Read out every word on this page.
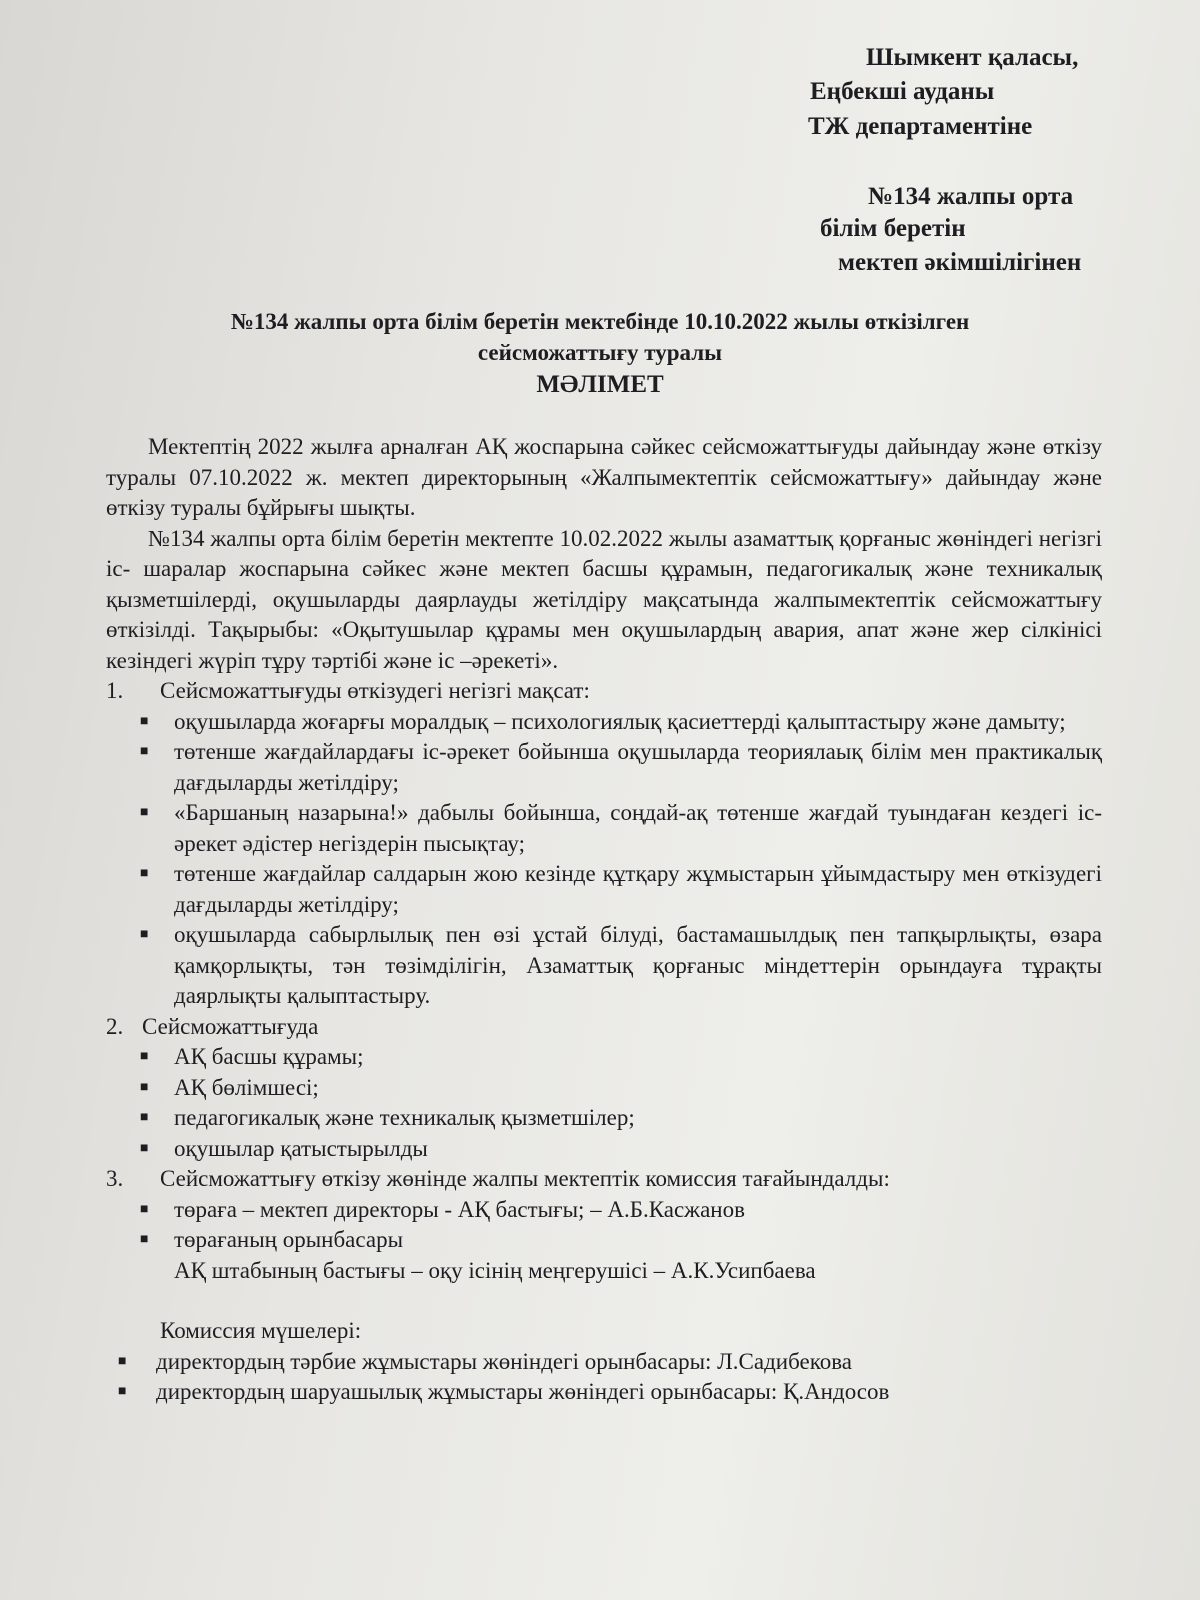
Шымкент қаласы,
Еңбекші ауданы
ТЖ департаментіне
№134 жалпы орта
білім беретін
мектеп әкімшілігінен
№134 жалпы орта білім беретін мектебінде 10.10.2022 жылы өткізілген
сейсможаттығу туралы
МӘЛІМЕТ

Мектептің 2022 жылға арналған АҚ жоспарына сәйкес сейсможаттығуды дайындау және өткізу туралы 07.10.2022 ж. мектеп директорының «Жалпымектептік сейсможаттығу» дайындау және өткізу туралы бұйрығы шықты.

№134 жалпы орта білім беретін мектепте 10.02.2022 жылы азаматтық қорғаныс жөніндегі негізгі іс- шаралар жоспарына сәйкес және мектеп басшы құрамын, педагогикалық және техникалық қызметшілерді, оқушыларды даярлауды жетілдіру мақсатында жалпымектептік сейсможаттығу өткізілді. Тақырыбы: «Оқытушылар құрамы мен оқушылардың авария, апат және жер сілкінісі кезіндегі жүріп тұру тәртібі және іс –әрекеті».

1.	Сейсможаттығуды өткізудегі негізгі мақсат:
■	оқушыларда жоғарғы моралдық – психологиялық қасиеттерді қалыптастыру және дамыту;
■	төтенше жағдайлардағы іс-әрекет бойынша оқушыларда теориялаық білім мен практикалық дағдыларды жетілдіру;
■	«Баршаның назарына!» дабылы бойынша, соңдай-ақ төтенше жағдай туындаған кездегі іс-әрекет әдістер негіздерін пысықтау;
■	төтенше жағдайлар салдарын жою кезінде құтқару жұмыстарын ұйымдастыру мен өткізудегі дағдыларды жетілдіру;
■	оқушыларда сабырлылық пен өзі ұстай білуді, бастамашылдық пен тапқырлықты, өзара қамқорлықты, тән төзімділігін, Азаматтық қорғаныс міндеттерін орындауға тұрақты даярлықты қалыптастыру.
2. Сейсможаттығуда
■	АҚ басшы құрамы;
■	АҚ бөлімшесі;
■	педагогикалық және техникалық қызметшілер;
■	оқушылар қатыстырылды
3.	Сейсможаттығу өткізу жөнінде жалпы мектептік комиссия тағайындалды:
■	төраға – мектеп директоры - АҚ бастығы; – А.Б.Касжанов
■	төрағаның орынбасары

АҚ штабының бастығы – оқу ісінің меңгерушісі – А.К.Усипбаева

Комиссия мүшелері:

■	директордың тәрбие жұмыстары жөніндегі орынбасары: Л.Садибекова
■	директордың шаруашылық жұмыстары жөніндегі орынбасары: Қ.Андосов
